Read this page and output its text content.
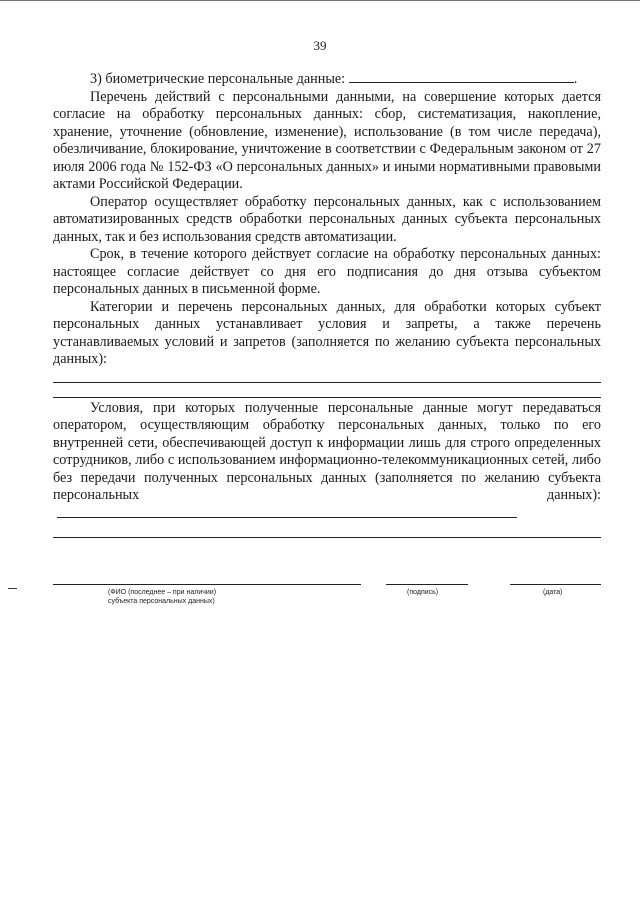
39

3) биометрические персональные данные:	.

Перечень действий с персональными данными, на совершение которых дается согласие на обработку персональных данных: сбор, систематизация, накопление, хранение, уточнение (обновление, изменение), использование (в том числе передача), обезличивание, блокирование, уничтожение в соответствии с Федеральным законом от 27 июля 2006 года № 152-ФЗ «О персональных данных» и иными нормативными правовыми актами Российской Федерации.

Оператор осуществляет обработку персональных данных, как с использованием автоматизированных средств обработки персональных данных субъекта персональных данных, так и без использования средств автоматизации.

Срок, в течение которого действует согласие на обработку персональных данных: настоящее согласие действует со дня его подписания до дня отзыва субъектом персональных данных в письменной форме.

Категории и перечень персональных данных, для обработки которых субъект персональных данных устанавливает условия и запреты, а также перечень устанавливаемых условий и запретов (заполняется по желанию субъекта персональных данных):

Условия, при которых полученные персональные данные могут передаваться оператором, осуществляющим обработку персональных данных, только по его внутренней сети, обеспечивающей доступ к информации лишь для строго определенных сотрудников, либо с использованием информационно-телекоммуникационных сетей, либо без передачи полученных персональных данных (заполняется по желанию субъекта персональных данных):

(ФИО (последнее – при наличии)
субъекта персональных данных)
(подпись)	(дата)
